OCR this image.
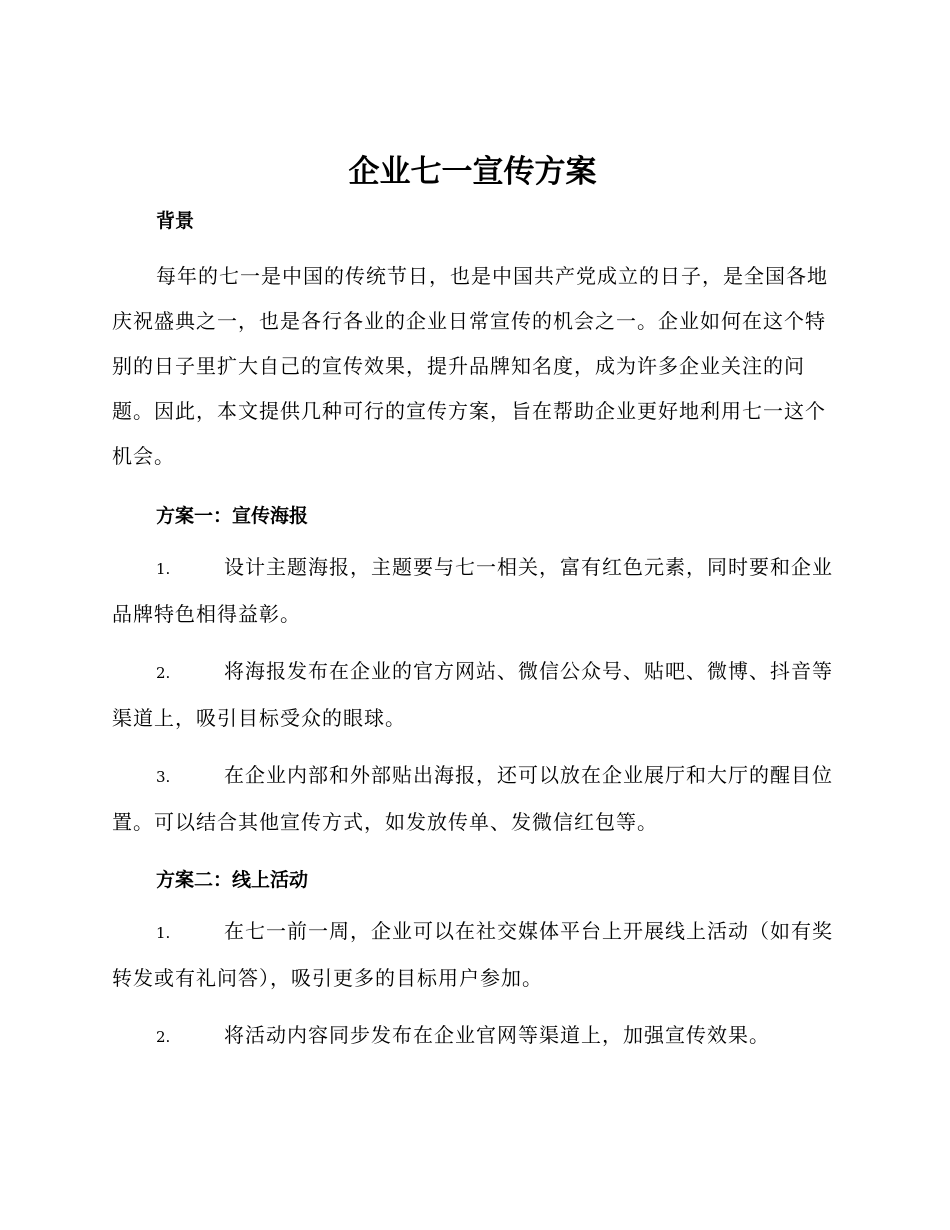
企业七一宣传方案
背景

每年的七一是中国的传统节日，也是中国共产党成立的日子，是全国各地庆祝盛典之一，也是各行各业的企业日常宣传的机会之一。企业如何在这个特别的日子里扩大自己的宣传效果，提升品牌知名度，成为许多企业关注的问题。因此，本文提供几种可行的宣传方案，旨在帮助企业更好地利用七一这个机会。

方案一：宣传海报

1.	设计主题海报，主题要与七一相关，富有红色元素，同时要和企业品牌特色相得益彰。

2.	将海报发布在企业的官方网站、微信公众号、贴吧、微博、抖音等渠道上，吸引目标受众的眼球。

3.	在企业内部和外部贴出海报，还可以放在企业展厅和大厅的醒目位置。可以结合其他宣传方式，如发放传单、发微信红包等。

方案二：线上活动

1.	在七一前一周，企业可以在社交媒体平台上开展线上活动（如有奖转发或有礼问答），吸引更多的目标用户参加。

2.	将活动内容同步发布在企业官网等渠道上，加强宣传效果。
